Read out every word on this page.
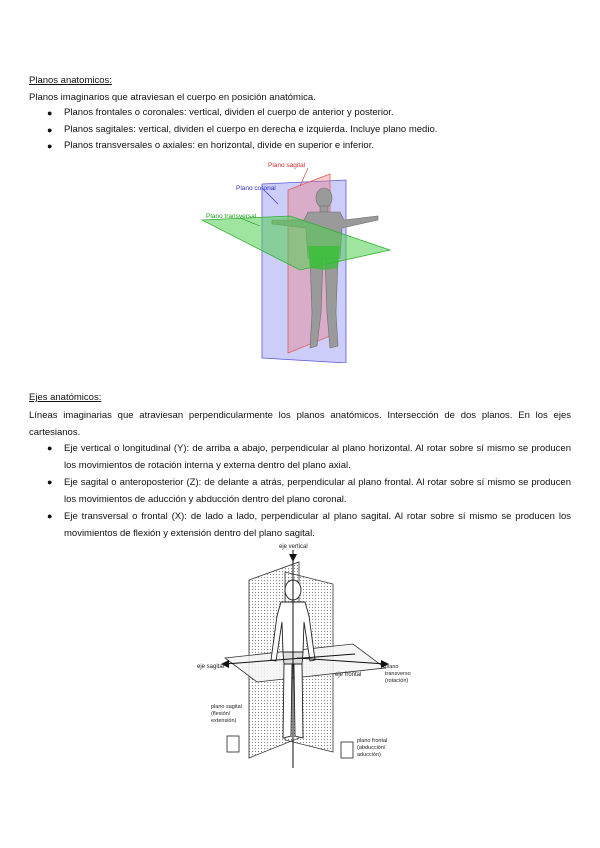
Planos anatomicos:
Planos imaginarios que atraviesan el cuerpo en posición anatómica.
● Planos frontales o coronales: vertical, dividen el cuerpo de anterior y posterior.
● Planos sagitales: vertical, dividen el cuerpo en derecha e izquierda. Incluye plano medio.
● Planos transversales o axiales: en horizontal, divide en superior e inferior.
Plano sagital
Plano coronal
Plano transversal
Ejes anatómicos:
Líneas imaginarias que atraviesan perpendicularmente los planos anatómicos. Intersección de dos planos. En los ejes cartesianos.
● Eje vertical o longitudinal (Y): de arriba a abajo, perpendicular al plano horizontal. Al rotar sobre sí mismo se producen los movimientos de rotación interna y externa dentro del plano axial.
● Eje sagital o anteroposterior (Z): de delante a atrás, perpendicular al plano frontal. Al rotar sobre sí mismo se producen los movimientos de aducción y abducción dentro del plano coronal.
● Eje transversal o frontal (X): de lado a lado, perpendicular al plano sagital. Al rotar sobre sí mismo se producen los movimientos de flexión y extensión dentro del plano sagital.
eje vertical
eje sagital
eje frontal
plano transverso (rotación)
plano sagital (flexión/ extensión)
plano frontal (abducción/ aducción)
